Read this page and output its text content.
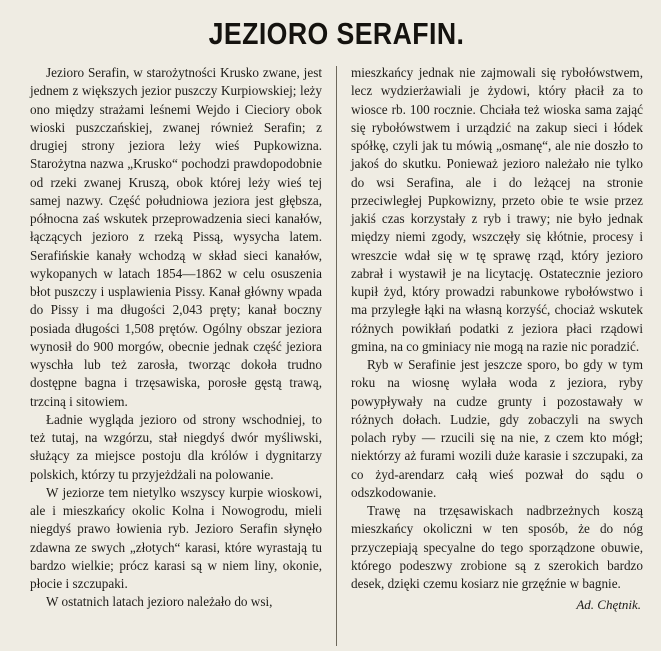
JEZIORO SERAFIN.

Jezioro Serafin, w starożytności Krusko zwane, jest jednem z większych jezior puszczy Kurpiowskiej; leży ono między strażami leśnemi Wejdo i Cieciory obok wioski puszczańskiej, zwanej również Serafin; z drugiej strony jeziora leży wieś Pupkowizna. Starożytna nazwa „Krusko“ pochodzi prawdopodobnie od rzeki zwanej Kruszą, obok której leży wieś tej samej nazwy. Część południowa jeziora jest głębsza, północna zaś wskutek przeprowadzenia sieci kanałów, łączących jezioro z rzeką Pissą, wysycha latem. Serafińskie kanały wchodzą w skład sieci kanałów, wykopanych w latach 1854—1862 w celu osuszenia błot puszczy i usplawienia Pissy. Kanał główny wpada do Pissy i ma długości 2,043 pręty; kanał boczny posiada długości 1,508 prętów. Ogólny obszar jeziora wynosił do 900 morgów, obecnie jednak część jeziora wyschła lub też zarosła, tworząc dokoła trudno dostępne bagna i trzęsawiska, porosłe gęstą trawą, trzciną i sitowiem.

Ładnie wygląda jezioro od strony wschodniej, to też tutaj, na wzgórzu, stał niegdyś dwór myśliwski, służący za miejsce postoju dla królów i dygnitarzy polskich, którzy tu przyjeżdżali na polowanie.

W jeziorze tem nietylko wszyscy kurpie wioskowi, ale i mieszkańcy okolic Kolna i Nowogrodu, mieli niegdyś prawo łowienia ryb. Jezioro Serafin słynęło zdawna ze swych „złotych“ karasi, które wyrastają tu bardzo wielkie; prócz karasi są w niem liny, okonie, płocie i szczupaki.

W ostatnich latach jezioro należało do wsi,

mieszkańcy jednak nie zajmowali się rybołówstwem, lecz wydzierżawiali je żydowi, który płacił za to wiosce rb. 100 rocznie. Chciała też wioska sama zająć się rybołówstwem i urządzić na zakup sieci i łódek spółkę, czyli jak tu mówią „osmanę“, ale nie doszło to jakoś do skutku. Ponieważ jezioro należało nie tylko do wsi Serafina, ale i do leżącej na stronie przeciwległej Pupkowizny, przeto obie te wsie przez jakiś czas korzystały z ryb i trawy; nie było jednak między niemi zgody, wszczęły się kłótnie, procesy i wreszcie wdał się w tę sprawę rząd, który jezioro zabrał i wystawił je na licytację. Ostatecznie jezioro kupił żyd, który prowadzi rabunkowe rybołówstwo i ma przyległe łąki na własną korzyść, chociaż wskutek różnych powikłań podatki z jeziora płaci rządowi gmina, na co gminiacy nie mogą na razie nic poradzić.

Ryb w Serafinie jest jeszcze sporo, bo gdy w tym roku na wiosnę wylała woda z jeziora, ryby powypływały na cudze grunty i pozostawały w różnych dołach. Ludzie, gdy zobaczyli na swych polach ryby — rzucili się na nie, z czem kto mógł; niektórzy aż furami wozili duże karasie i szczupaki, za co żyd-arendarz całą wieś pozwał do sądu o odszkodowanie.

Trawę na trzęsawiskach nadbrzeżnych koszą mieszkańcy okoliczni w ten sposób, że do nóg przyczepiają specyalne do tego sporządzone obuwie, którego podeszwy zrobione są z szerokich bardzo desek, dzięki czemu kosiarz nie grzęźnie w bagnie.

Ad. Chętnik.
